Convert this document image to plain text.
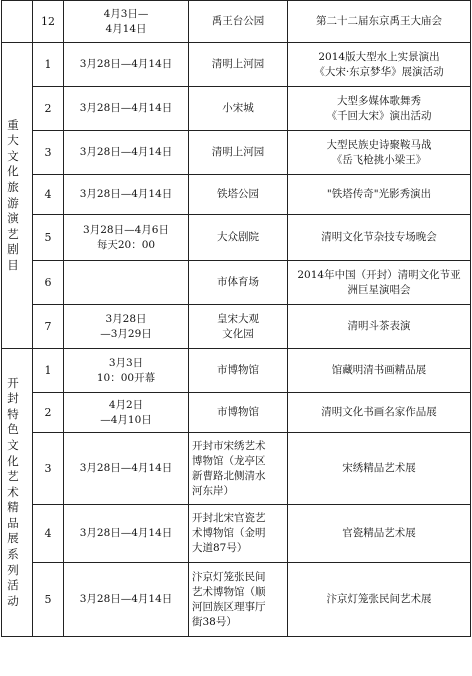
	12	4月3日—
4月14日	禹王台公园	第二十二届东京禹王大庙会

重大文化旅游演艺剧目	1	3月28日—4月14日	清明上河园	2014版大型水上实景演出
《大宋·东京梦华》展演活动
	2	3月28日—4月14日	小宋城	大型多媒体歌舞秀
《千回大宋》演出活动
	3	3月28日—4月14日	清明上河园	大型民族史诗聚鞍马战
《岳飞枪挑小梁王》
	4	3月28日—4月14日	铁塔公园	"铁塔传奇"光影秀演出
	5	3月28日—4月6日
每天20：00	大众剧院	清明文化节杂技专场晚会
	6		市体育场	2014年中国（开封）清明文化节亚
洲巨星演唱会
	7	3月28日
—3月29日	皇宋大观
文化园	清明斗茶表演

开封特色文化艺术精品展系列活动	1	3月3日
10：00开幕	市博物馆	馆藏明清书画精品展
	2	4月2日
—4月10日	市博物馆	清明文化书画名家作品展
	3	3月28日—4月14日	开封市宋绣艺术
博物馆（龙亭区
新曹路北侧清水
河东岸）	宋绣精品艺术展
	4	3月28日—4月14日	开封北宋官瓷艺
术博物馆（金明
大道87号）	官瓷精品艺术展
	5	3月28日—4月14日	汴京灯笼张民间
艺术博物馆（顺
河回族区理事厅
街38号）	汴京灯笼张民间艺术展
